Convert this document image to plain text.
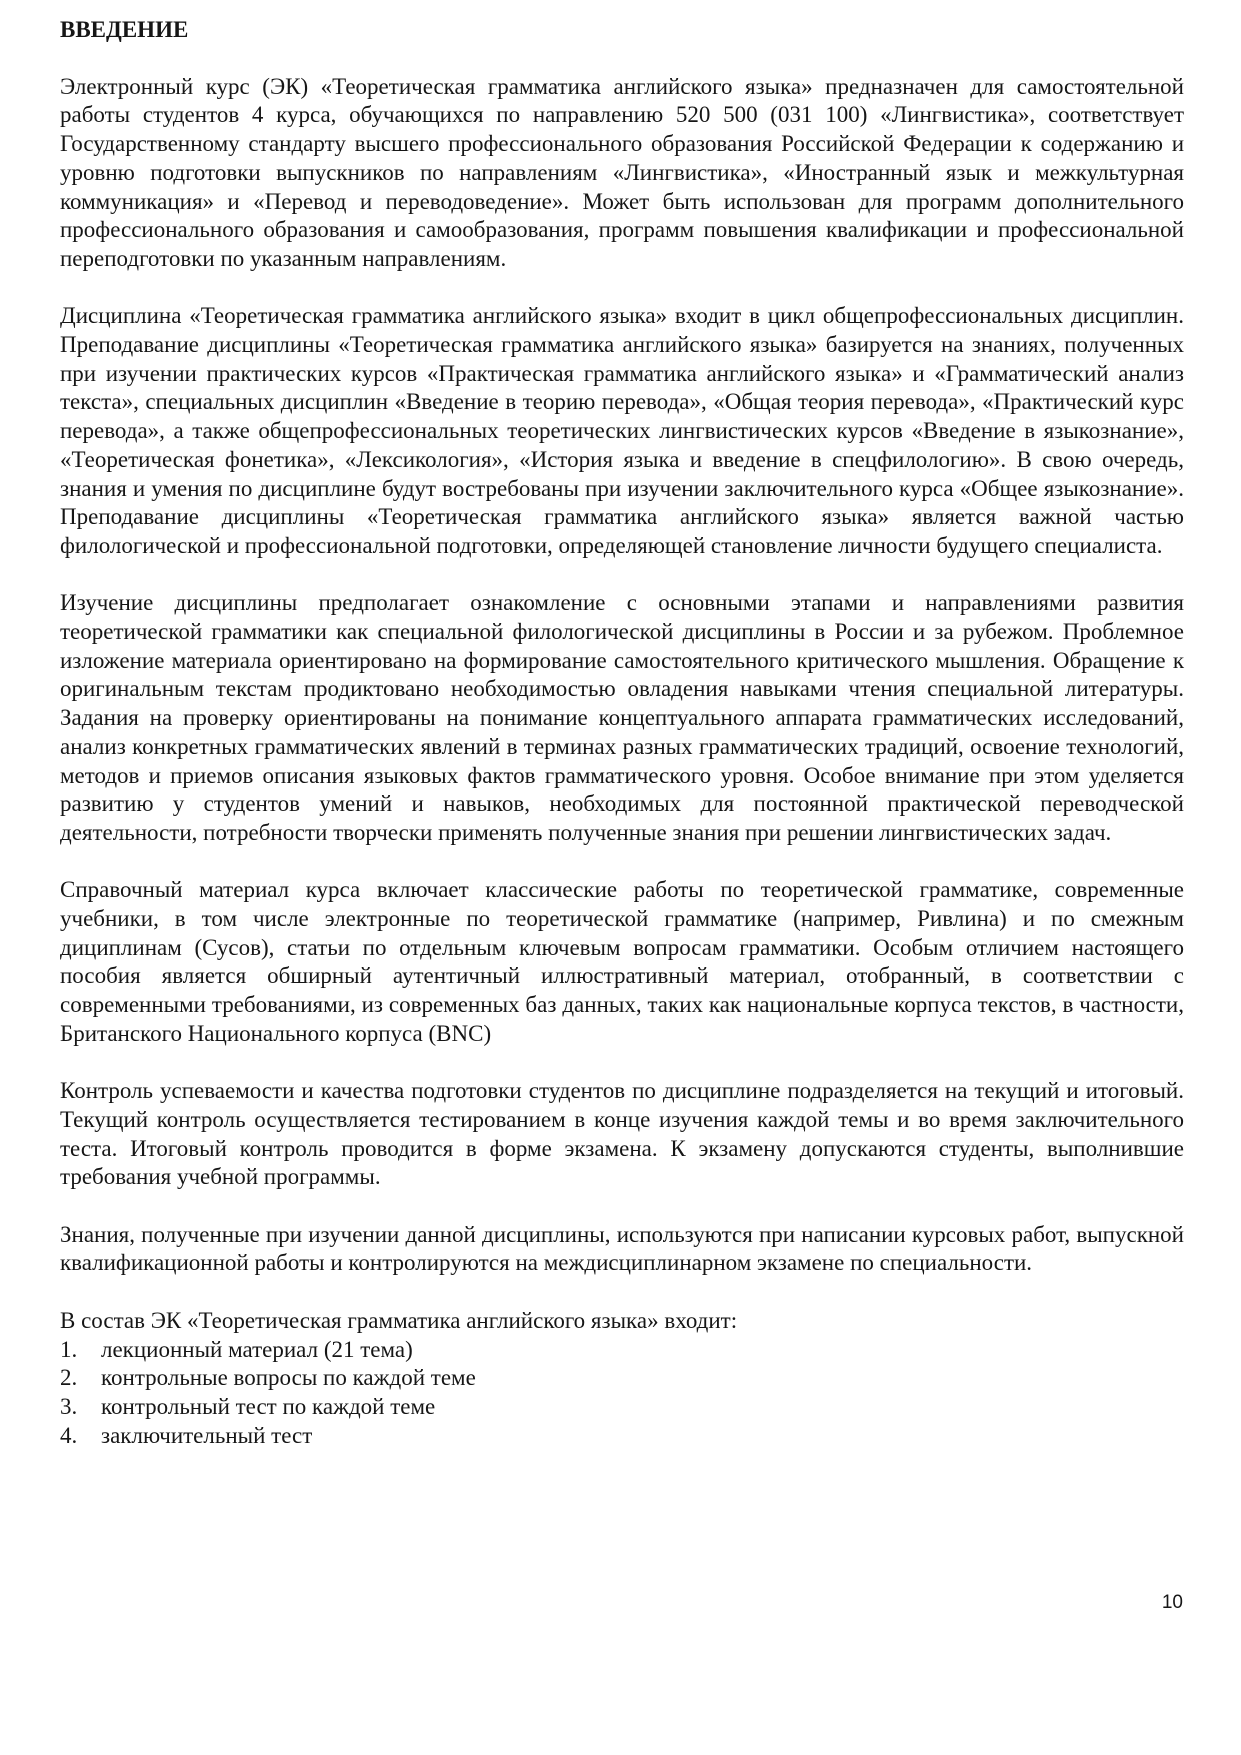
ВВЕДЕНИЕ

Электронный курс (ЭК) «Теоретическая грамматика английского языка» предназначен для самостоятельной работы студентов 4 курса, обучающихся по направлению 520 500 (031 100) «Лингвистика», соответствует Государственному стандарту высшего профессионального образования Российской Федерации к содержанию и уровню подготовки выпускников по направлениям «Лингвистика», «Иностранный язык и межкультурная коммуникация» и «Перевод и переводоведение». Может быть использован для программ дополнительного профессионального образования и самообразования, программ повышения квалификации и профессиональной переподготовки по указанным направлениям.

Дисциплина «Теоретическая грамматика английского языка» входит в цикл общепрофессиональных дисциплин. Преподавание дисциплины «Теоретическая грамматика английского языка» базируется на знаниях, полученных при изучении практических курсов «Практическая грамматика английского языка» и «Грамматический анализ текста», специальных дисциплин «Введение в теорию перевода», «Общая теория перевода», «Практический курс перевода», а также общепрофессиональных теоретических лингвистических курсов «Введение в языкознание», «Теоретическая фонетика», «Лексикология», «История языка и введение в спецфилологию». В свою очередь, знания и умения по дисциплине будут востребованы при изучении заключительного курса «Общее языкознание». Преподавание дисциплины «Теоретическая грамматика английского языка» является важной частью филологической и профессиональной подготовки, определяющей становление личности будущего специалиста.

Изучение дисциплины предполагает ознакомление с основными этапами и направлениями развития теоретической грамматики как специальной филологической дисциплины в России и за рубежом. Проблемное изложение материала ориентировано на формирование самостоятельного критического мышления. Обращение к оригинальным текстам продиктовано необходимостью овладения навыками чтения специальной литературы. Задания на проверку ориентированы на понимание концептуального аппарата грамматических исследований, анализ конкретных грамматических явлений в терминах разных грамматических традиций, освоение технологий, методов и приемов описания языковых фактов грамматического уровня. Особое внимание при этом уделяется развитию у студентов умений и навыков, необходимых для постоянной практической переводческой деятельности, потребности творчески применять полученные знания при решении лингвистических задач.

Справочный материал курса включает классические работы по теоретической грамматике, современные учебники, в том числе электронные по теоретической грамматике (например, Ривлина) и по смежным дициплинам (Сусов), статьи по отдельным ключевым вопросам грамматики. Особым отличием настоящего пособия является обширный аутентичный иллюстративный материал, отобранный, в соответствии с современными требованиями, из современных баз данных, таких как национальные корпуса текстов, в частности, Британского Национального корпуса (BNC)

Контроль успеваемости и качества подготовки студентов по дисциплине подразделяется на текущий и итоговый. Текущий контроль осуществляется тестированием в конце изучения каждой темы и во время заключительного теста. Итоговый контроль проводится в форме экзамена. К экзамену допускаются студенты, выполнившие требования учебной программы.

Знания, полученные при изучении данной дисциплины, используются при написании курсовых работ, выпускной квалификационной работы и контролируются на междисциплинарном экзамене по специальности.

В состав ЭК «Теоретическая грамматика английского языка» входит:

1.	лекционный материал (21 тема)
2.	контрольные вопросы по каждой теме
3.	контрольный тест по каждой теме
4.	заключительный тест
10
